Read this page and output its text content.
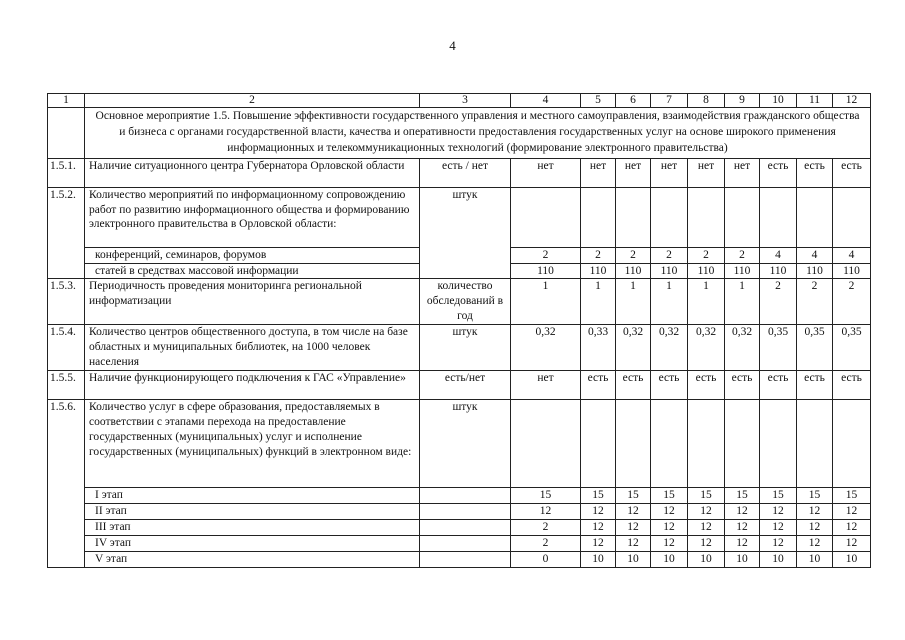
4
1	2	3	4	5	6	7	8	9	10	11	12
	Основное мероприятие 1.5. Повышение эффективности государственного управления и местного самоуправления, взаимодействия гражданского общества и бизнеса с органами государственной власти, качества и оперативности предоставления государственных услуг на основе широкого применения информационных и телекоммуникационных технологий (формирование электронного правительства)										
1.5.1.	Наличие ситуационного центра Губернатора Орловской области	есть / нет	нет	нет	нет	нет	нет	нет	есть	есть	есть
1.5.2.	Количество мероприятий по информационному сопровождению работ по развитию информационного общества и формированию электронного правительства в Орловской области:	штук									
	конференций, семинаров, форумов		2	2	2	2	2	2	4	4	4
	статей в средствах массовой информации		110	110	110	110	110	110	110	110	110
1.5.3.	Периодичность проведения мониторинга региональной информатизации	количество обследований в год	1	1	1	1	1	1	2	2	2
1.5.4.	Количество центров общественного доступа, в том числе на базе областных и муниципальных библиотек, на 1000 человек населения	штук	0,32	0,33	0,32	0,32	0,32	0,32	0,35	0,35	0,35
1.5.5.	Наличие функционирующего подключения к ГАС «Управление»	есть/нет	нет	есть	есть	есть	есть	есть	есть	есть	есть
1.5.6.	Количество услуг в сфере образования, предоставляемых в соответствии с этапами перехода на предоставление государственных (муниципальных) услуг и исполнение государственных (муниципальных) функций в электронном виде:	штук									
	I этап		15	15	15	15	15	15	15	15	15
	II этап		12	12	12	12	12	12	12	12	12
	III этап		2	12	12	12	12	12	12	12	12
	IV этап		2	12	12	12	12	12	12	12	12
	V этап		0	10	10	10	10	10	10	10	10
